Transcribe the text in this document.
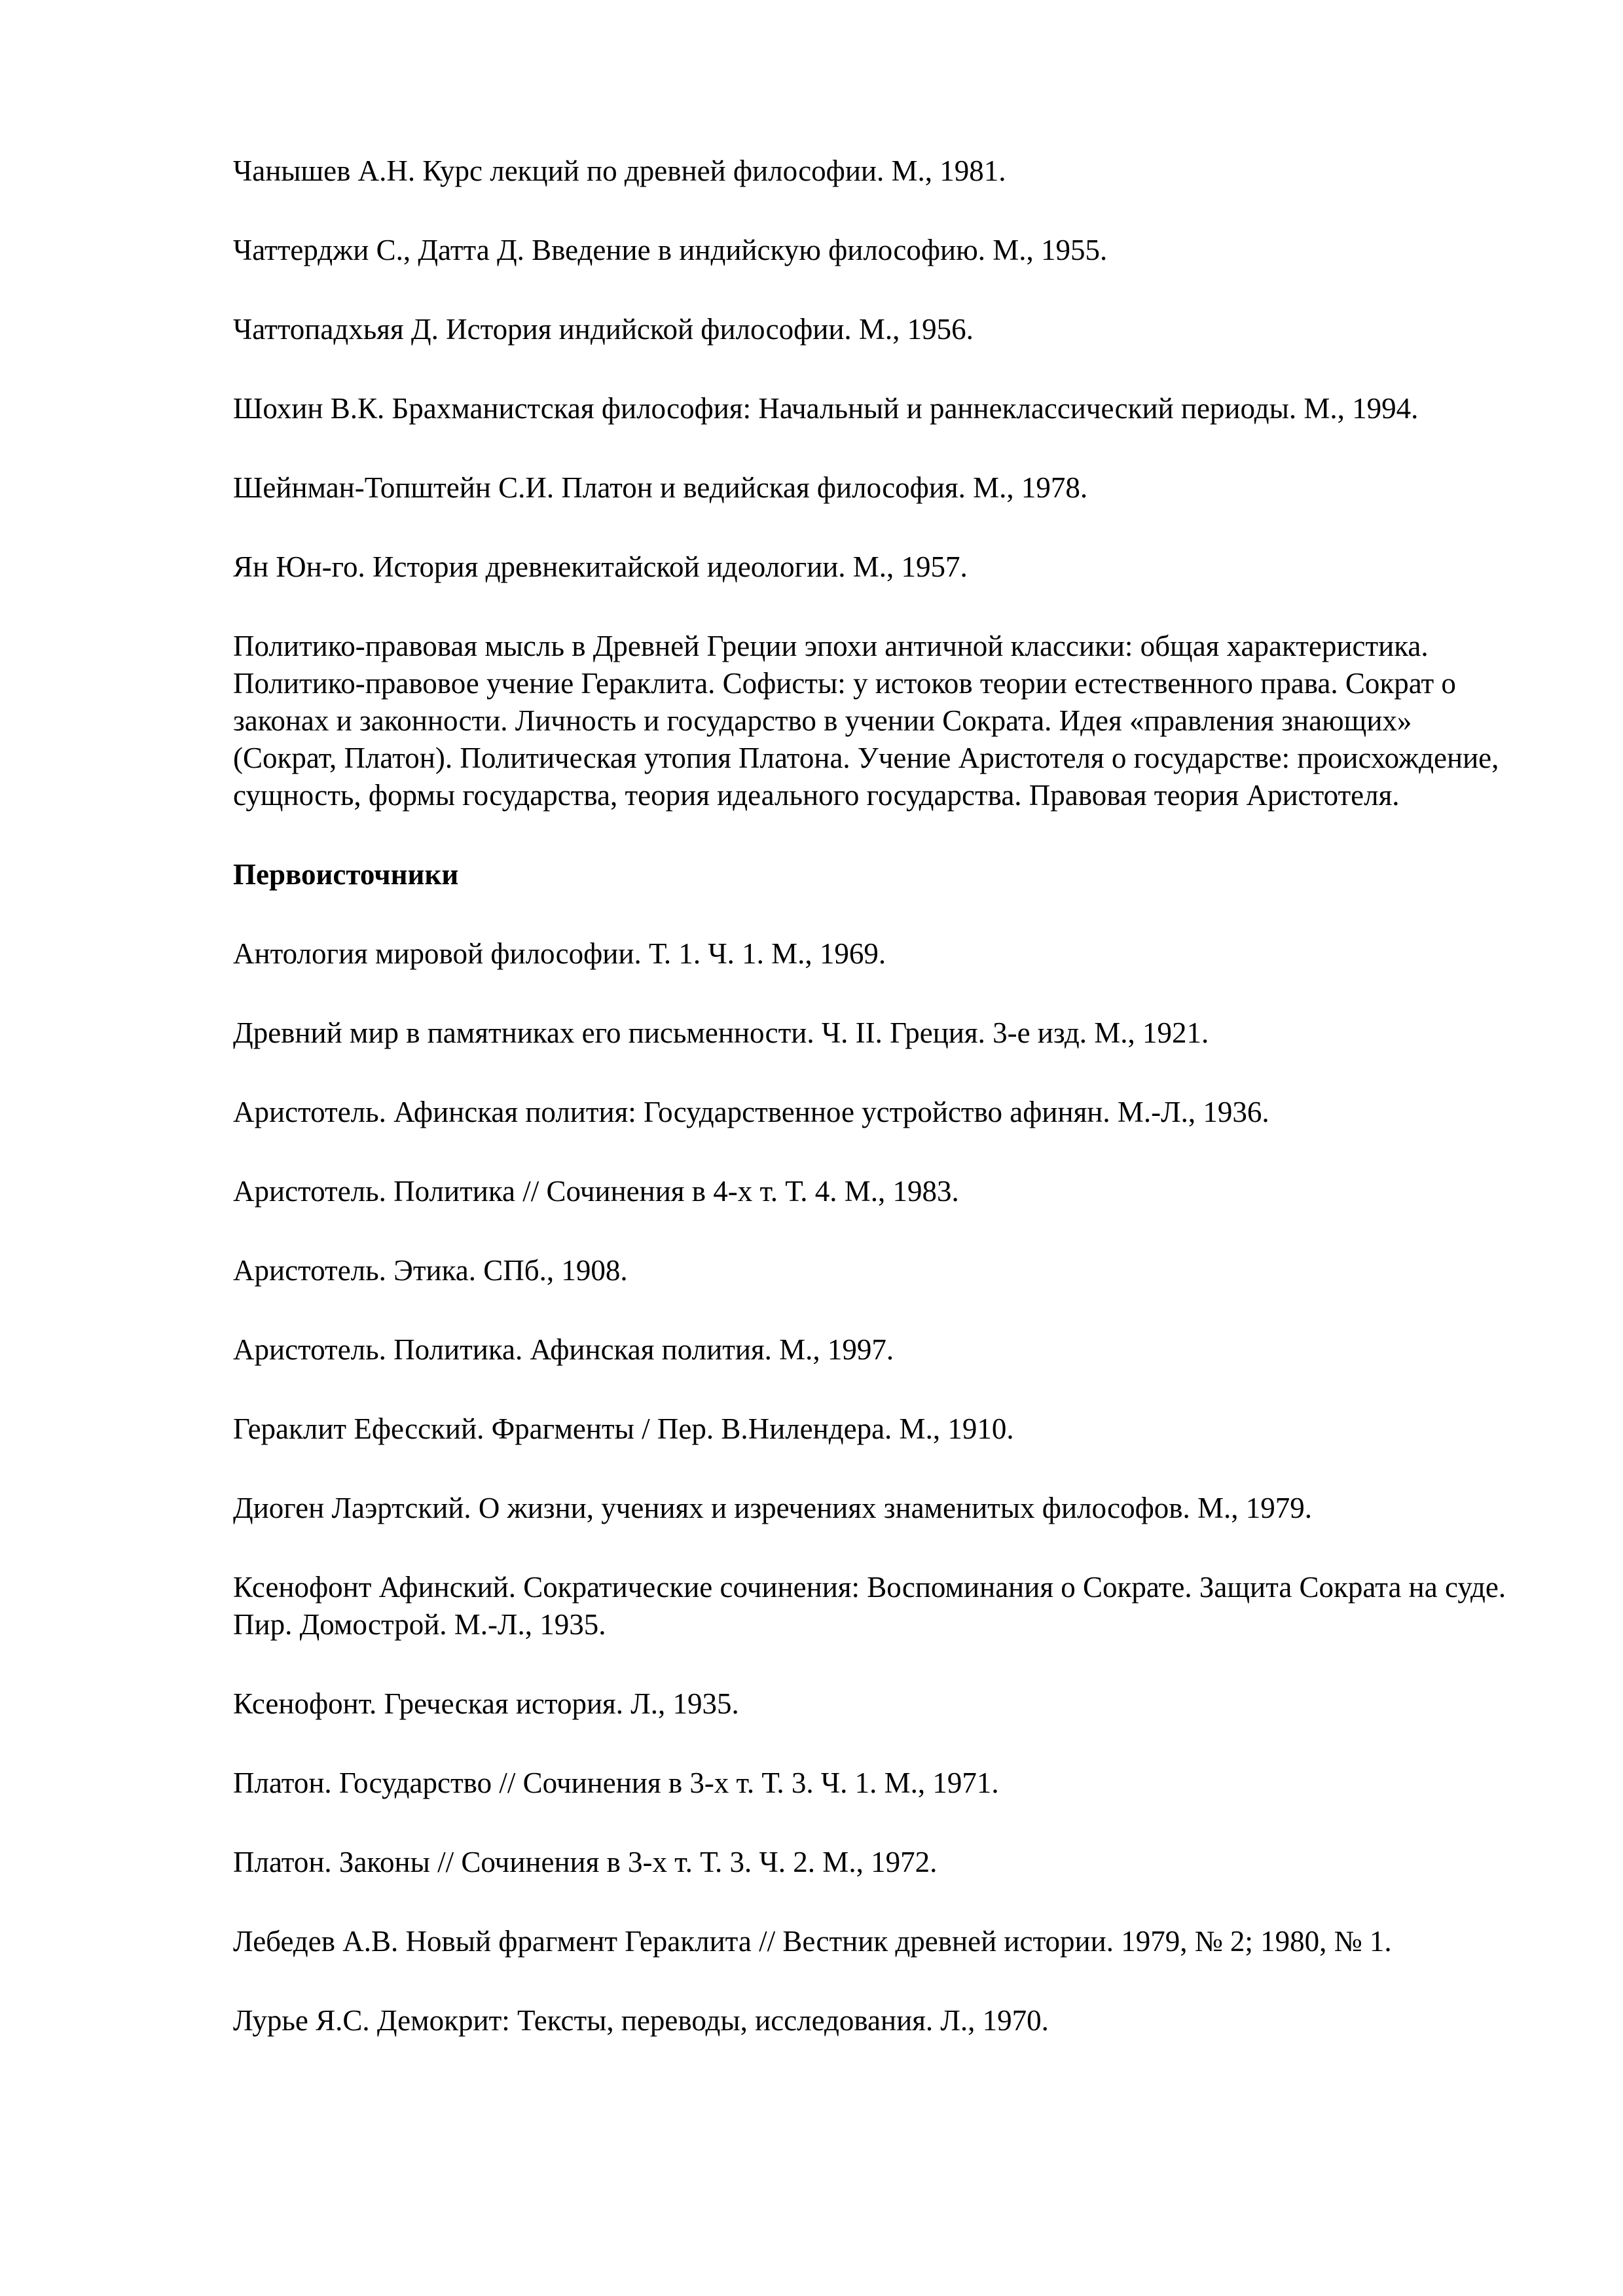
Чанышев А.Н. Курс лекций по древней философии. М., 1981.

Чаттерджи С., Датта Д. Введение в индийскую философию. М., 1955.

Чаттопадхьяя Д. История индийской философии. М., 1956.

Шохин В.К. Брахманистская философия: Начальный и раннеклассический периоды. М., 1994.

Шейнман-Топштейн С.И. Платон и ведийская философия. М., 1978.

Ян Юн-го. История древнекитайской идеологии. М., 1957.

Политико-правовая мысль в Древней Греции эпохи античной классики: общая характеристика. Политико-правовое учение Гераклита. Софисты: у истоков теории естественного права. Сократ о законах и законности. Личность и государство в учении Сократа. Идея «правления знающих» (Сократ, Платон). Политическая утопия Платона. Учение Аристотеля о государстве: происхождение, сущность, формы государства, теория идеального государства. Правовая теория Аристотеля.

Первоисточники

Антология мировой философии. Т. 1. Ч. 1. М., 1969.

Древний мир в памятниках его письменности. Ч. II. Греция. 3-е изд. М., 1921.

Аристотель. Афинская полития: Государственное устройство афинян. М.-Л., 1936.

Аристотель. Политика // Сочинения в 4-х т. Т. 4. М., 1983.

Аристотель. Этика. СПб., 1908.

Аристотель. Политика. Афинская полития. М., 1997.

Гераклит Ефесский. Фрагменты / Пер. В.Нилендера. М., 1910.

Диоген Лаэртский. О жизни, учениях и изречениях знаменитых философов. М., 1979.

Ксенофонт Афинский. Сократические сочинения: Воспоминания о Сократе. Защита Сократа на суде. Пир. Домострой. М.-Л., 1935.

Ксенофонт. Греческая история. Л., 1935.

Платон. Государство // Сочинения в 3-х т. Т. 3. Ч. 1. М., 1971.

Платон. Законы // Сочинения в 3-х т. Т. 3. Ч. 2. М., 1972.

Лебедев А.В. Новый фрагмент Гераклита // Вестник древней истории. 1979, № 2; 1980, № 1.

Лурье Я.С. Демокрит: Тексты, переводы, исследования. Л., 1970.
